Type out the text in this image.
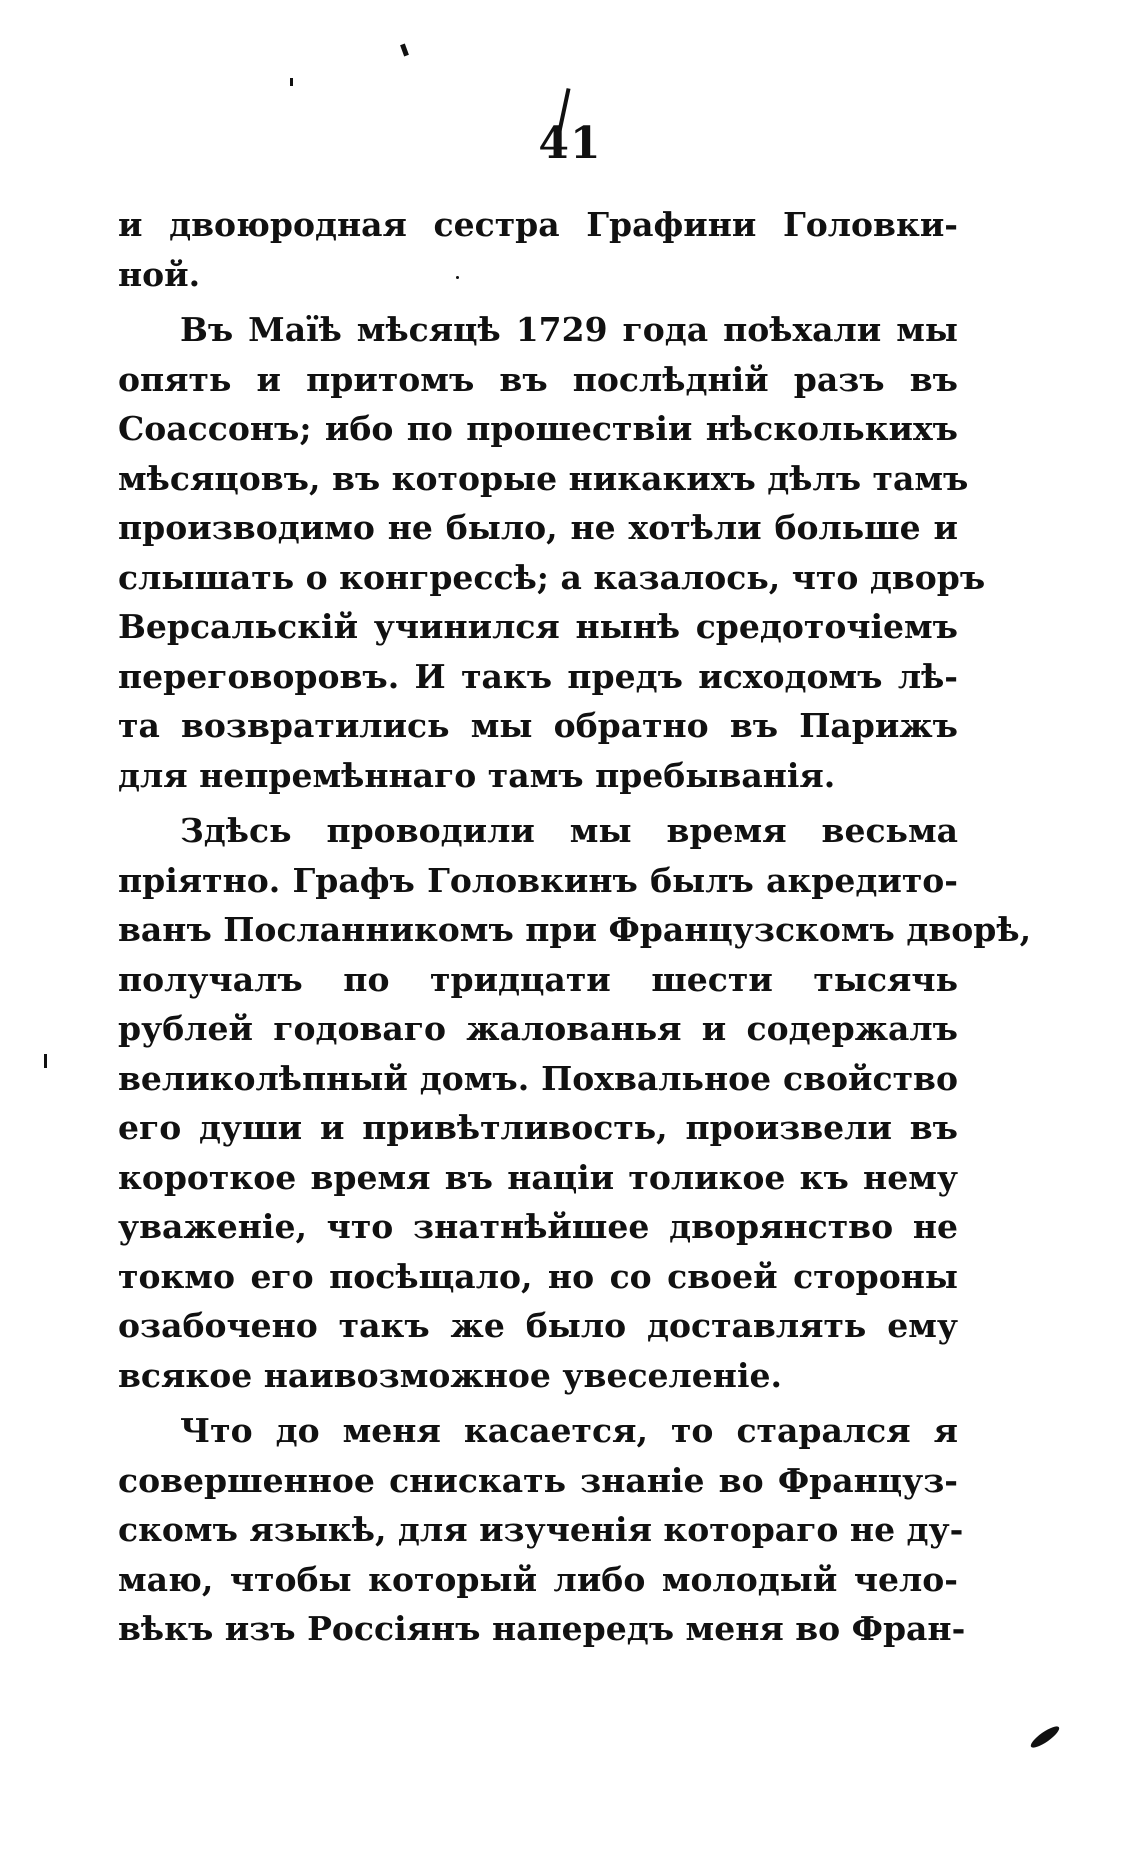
41
и двоюродная сестра Графини Головки-
ной.
Въ Маїѣ мѣсяцѣ 1729 года поѣхали мы
опять и притомъ въ послѣдній разъ въ
Соассонъ; ибо по прошествіи нѣсколькихъ
мѣсяцовъ, въ которые никакихъ дѣлъ тамъ
производимо не было, не хотѣли больше и
слышать о конгрессѣ; а казалось, что дворъ
Версальскій учинился нынѣ средоточіемъ
переговоровъ. И такъ предъ исходомъ лѣ-
та возвратились мы обратно въ Парижъ
для непремѣннаго тамъ пребыванія.
Здѣсь проводили мы время весьма
пріятно. Графъ Головкинъ былъ акредито-
ванъ Посланникомъ при Французскомъ дворѣ,
получалъ по тридцати шести тысячь
рублей годоваго жалованья и содержалъ
великолѣпный домъ. Похвальное свойство
его души и привѣтливость, произвели въ
короткое время въ націи толикое къ нему
уваженіе, что знатнѣйшее дворянство не
токмо его посѣщало, но со своей стороны
озабочено такъ же было доставлять ему
всякое наивозможное увеселеніе.
Что до меня касается, то старался я
совершенное снискать знаніе во Француз-
скомъ языкѣ, для изученія котораго не ду-
маю, чтобы который либо молодый чело-
вѣкъ изъ Россіянъ напередъ меня во Фран-
